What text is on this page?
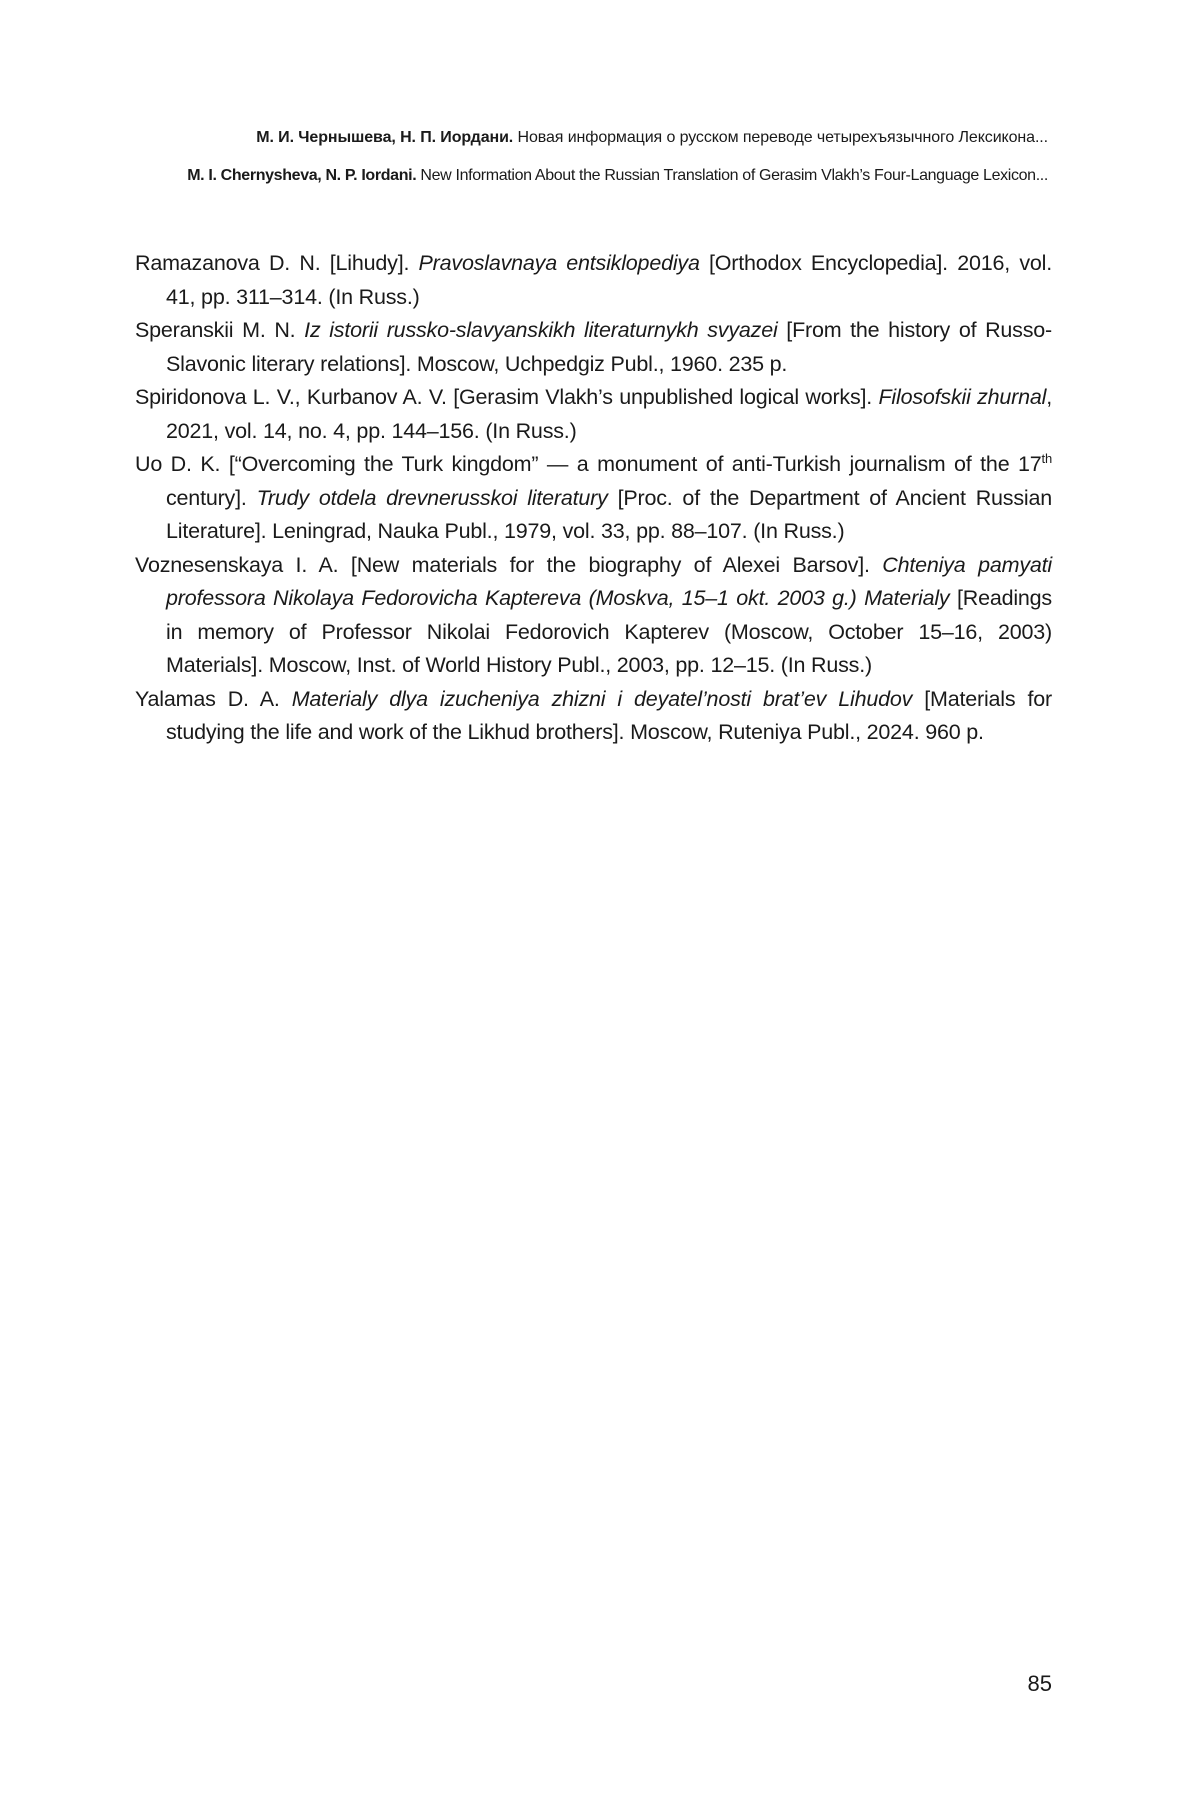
М. И. Чернышева, Н. П. Иордани. Новая информация о русском переводе четырехъязычного Лексикона...
M. I. Chernysheva, N. P. Iordani. New Information About the Russian Translation of Gerasim Vlakh’s Four-Language Lexicon...

Ramazanova D. N. [Lihudy]. Pravoslavnaya entsiklopediya [Orthodox Encyclopedia]. 2016, vol. 41, pp. 311–314. (In Russ.)

Speranskii M. N. Iz istorii russko-slavyanskikh literaturnykh svyazei [From the history of Russo-Slavonic literary relations]. Moscow, Uchpedgiz Publ., 1960. 235 p.

Spiridonova L. V., Kurbanov A. V. [Gerasim Vlakh’s unpublished logical works]. Filosofskii zhurnal, 2021, vol. 14, no. 4, pp. 144–156. (In Russ.)

Uo D. K. [“Overcoming the Turk kingdom” — a monument of anti-Turkish journalism of the 17th century]. Trudy otdela drevnerusskoi literatury [Proc. of the Department of Ancient Russian Literature]. Leningrad, Nauka Publ., 1979, vol. 33, pp. 88–107. (In Russ.)

Voznesenskaya I. A. [New materials for the biography of Alexei Barsov]. Chteniya pamyati professora Nikolaya Fedorovicha Kaptereva (Moskva, 15–1 okt. 2003 g.) Materialy [Readings in memory of Professor Nikolai Fedorovich Kapterev (Moscow, October 15–16, 2003) Materials]. Moscow, Inst. of World History Publ., 2003, pp. 12–15. (In Russ.)

Yalamas D. A. Materialy dlya izucheniya zhizni i deyatel’nosti brat’ev Lihudov [Materials for studying the life and work of the Likhud brothers]. Moscow, Ruteniya Publ., 2024. 960 p.

85
